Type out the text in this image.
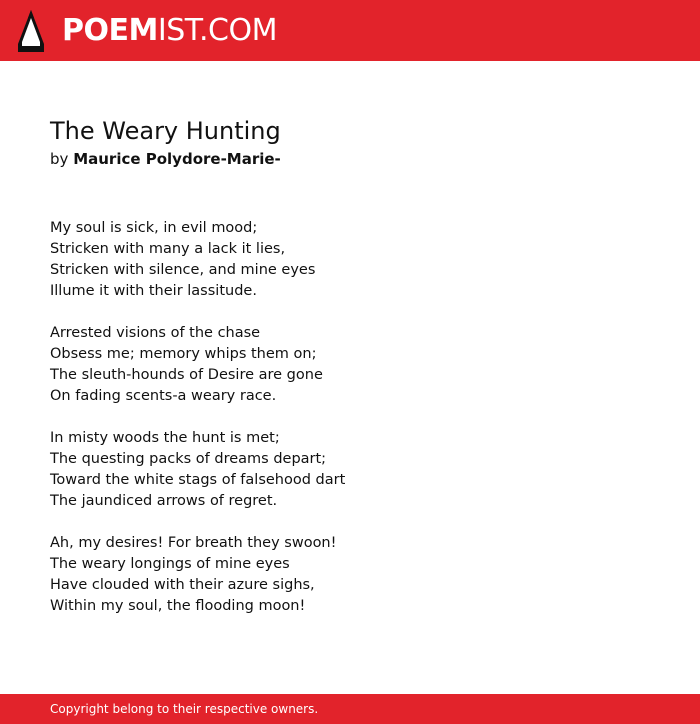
POEMIST.COM
The Weary Hunting
by Maurice Polydore-Marie-
My soul is sick, in evil mood;
Stricken with many a lack it lies,
Stricken with silence, and mine eyes
Illume it with their lassitude.
Arrested visions of the chase
Obsess me; memory whips them on;
The sleuth-hounds of Desire are gone
On fading scents-a weary race.
In misty woods the hunt is met;
The questing packs of dreams depart;
Toward the white stags of falsehood dart
The jaundiced arrows of regret.
Ah, my desires! For breath they swoon!
The weary longings of mine eyes
Have clouded with their azure sighs,
Within my soul, the flooding moon!
Copyright belong to their respective owners.
